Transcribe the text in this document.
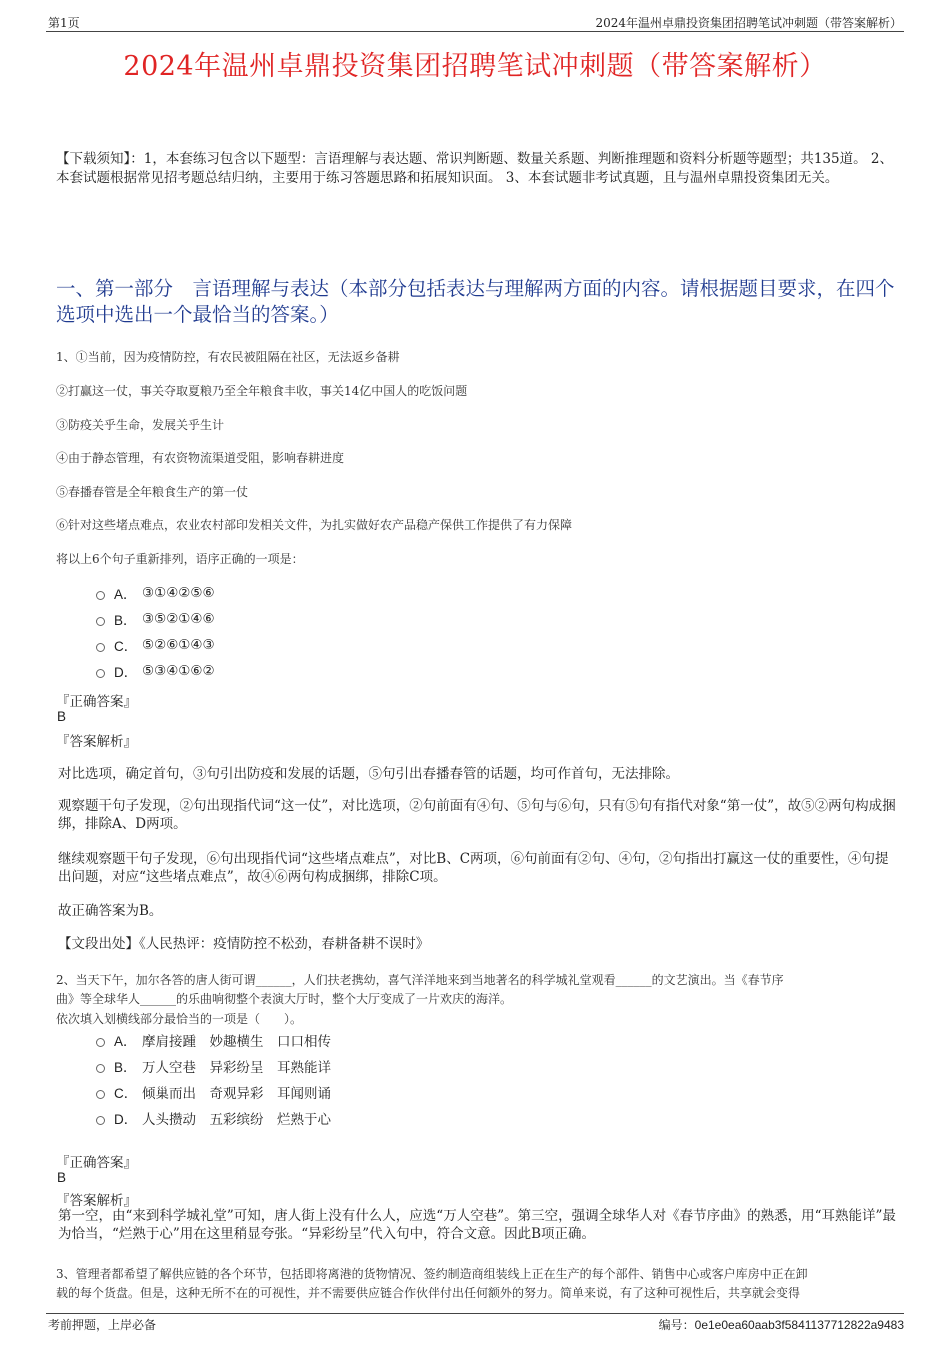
第1页	2024年温州卓鼎投资集团招聘笔试冲刺题（带答案解析）
2024年温州卓鼎投资集团招聘笔试冲刺题（带答案解析）
【下载须知】：1，本套练习包含以下题型：言语理解与表达题、常识判断题、数量关系题、判断推理题和资料分析题等题型；共135道。 2、本套试题根据常见招考题总结归纳，主要用于练习答题思路和拓展知识面。 3、本套试题非考试真题，且与温州卓鼎投资集团无关。
一、第一部分　言语理解与表达（本部分包括表达与理解两方面的内容。请根据题目要求，在四个选项中选出一个最恰当的答案。）
1、①当前，因为疫情防控，有农民被阻隔在社区，无法返乡备耕
②打赢这一仗，事关夺取夏粮乃至全年粮食丰收，事关14亿中国人的吃饭问题
③防疫关乎生命，发展关乎生计
④由于静态管理，有农资物流渠道受阻，影响春耕进度
⑤春播春管是全年粮食生产的第一仗
⑥针对这些堵点难点，农业农村部印发相关文件，为扎实做好农产品稳产保供工作提供了有力保障
将以上6个句子重新排列，语序正确的一项是：
A． ③①④②⑤⑥
B． ③⑤②①④⑥
C． ⑤②⑥①④③
D． ⑤③④①⑥②
『正确答案』
B
『答案解析』
对比选项，确定首句，③句引出防疫和发展的话题，⑤句引出春播春管的话题，均可作首句，无法排除。
观察题干句子发现，②句出现指代词“这一仗”，对比选项，②句前面有④句、⑤句与⑥句，只有⑤句有指代对象“第一仗”，故⑤②两句构成捆绑，排除A、D两项。
继续观察题干句子发现，⑥句出现指代词“这些堵点难点”，对比B、C两项，⑥句前面有②句、④句，②句指出打赢这一仗的重要性，④句提出问题，对应“这些堵点难点”，故④⑥两句构成捆绑，排除C项。
故正确答案为B。
【文段出处】《人民热评：疫情防控不松劲，春耕备耕不误时》
2、当天下午，加尔各答的唐人街可谓______，人们扶老携幼，喜气洋洋地来到当地著名的科学城礼堂观看______的文艺演出。当《春节序
曲》等全球华人______的乐曲响彻整个表演大厅时，整个大厅变成了一片欢庆的海洋。
依次填入划横线部分最恰当的一项是（　　）。
A． 摩肩接踵　妙趣横生　口口相传
B． 万人空巷　异彩纷呈　耳熟能详
C． 倾巢而出　奇观异彩　耳闻则诵
D． 人头攒动　五彩缤纷　烂熟于心
『正确答案』
B
『答案解析』
第一空，由“来到科学城礼堂”可知，唐人街上没有什么人，应选“万人空巷”。第三空，强调全球华人对《春节序曲》的熟悉，用“耳熟能详”最为恰当，“烂熟于心”用在这里稍显夸张。“异彩纷呈”代入句中，符合文意。因此B项正确。
3、管理者都希望了解供应链的各个环节，包括即将离港的货物情况、签约制造商组装线上正在生产的每个部件、销售中心或客户库房中正在卸
载的每个货盘。但是，这种无所不在的可视性，并不需要供应链合作伙伴付出任何额外的努力。简单来说，有了这种可视性后，共享就会变得
考前押题，上岸必备	编号：0e1e0ea60aab3f5841137712822a9483
